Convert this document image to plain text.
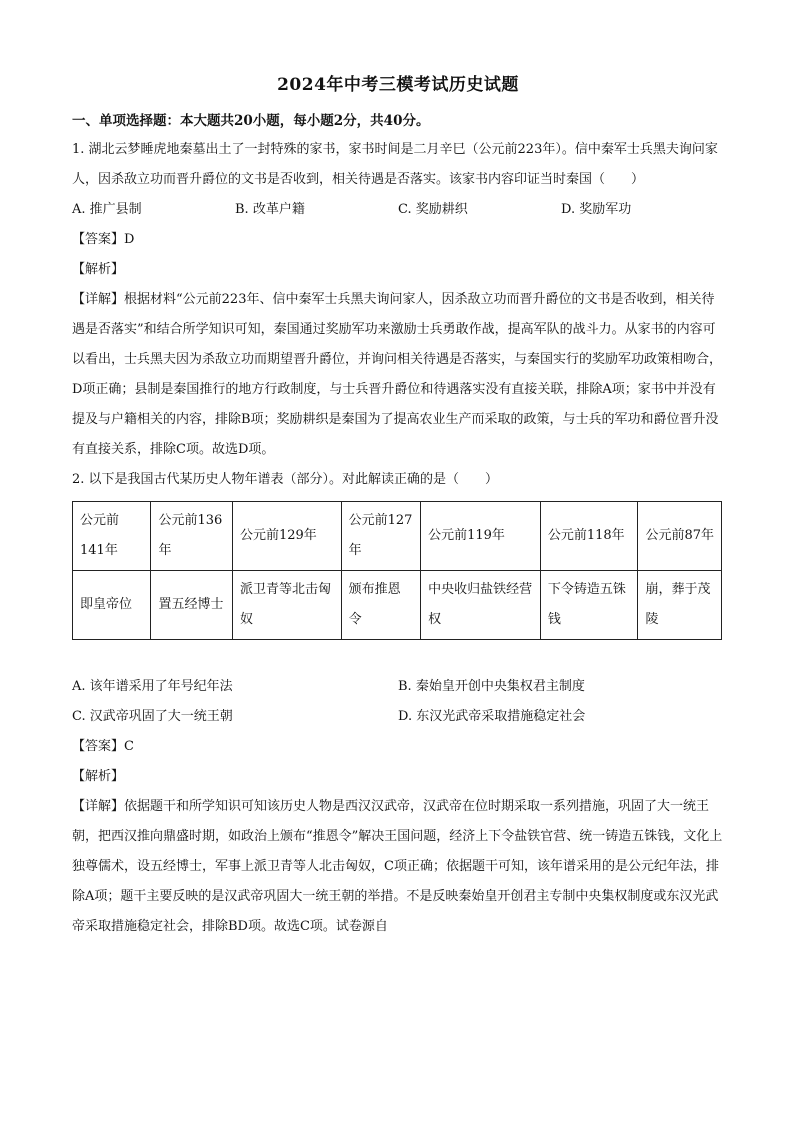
2024年中考三模考试历史试题
一、单项选择题：本大题共20小题，每小题2分，共40分。

1. 湖北云梦睡虎地秦墓出土了一封特殊的家书，家书时间是二月辛巳（公元前223年）。信中秦军士兵黑夫询问家人，因杀敌立功而晋升爵位的文书是否收到，相关待遇是否落实。该家书内容印证当时秦国（　　）

A. 推广县制	B. 改革户籍	C. 奖励耕织	D. 奖励军功

【答案】D

【解析】

【详解】根据材料“公元前223年、信中秦军士兵黑夫询问家人，因杀敌立功而晋升爵位的文书是否收到，相关待遇是否落实”和结合所学知识可知，秦国通过奖励军功来激励士兵勇敢作战，提高军队的战斗力。从家书的内容可以看出，士兵黑夫因为杀敌立功而期望晋升爵位，并询问相关待遇是否落实，与秦国实行的奖励军功政策相吻合，D项正确；县制是秦国推行的地方行政制度，与士兵晋升爵位和待遇落实没有直接关联，排除A项；家书中并没有提及与户籍相关的内容，排除B项；奖励耕织是秦国为了提高农业生产而采取的政策，与士兵的军功和爵位晋升没有直接关系，排除C项。故选D项。

2. 以下是我国古代某历史人物年谱表（部分）。对此解读正确的是（　　）

公元前141年	公元前136年	公元前129年	公元前127年	公元前119年	公元前118年	公元前87年
即皇帝位	置五经博士	派卫青等北击匈奴	颁布推恩令	中央收归盐铁经营权	下令铸造五铢钱	崩，葬于茂陵
A. 该年谱采用了年号纪年法	B. 秦始皇开创中央集权君主制度
C. 汉武帝巩固了大一统王朝	D. 东汉光武帝采取措施稳定社会

【答案】C

【解析】

【详解】依据题干和所学知识可知该历史人物是西汉汉武帝，汉武帝在位时期采取一系列措施，巩固了大一统王朝，把西汉推向鼎盛时期，如政治上颁布“推恩令”解决王国问题，经济上下令盐铁官营、统一铸造五铢钱，文化上独尊儒术，设五经博士，军事上派卫青等人北击匈奴，C项正确；依据题干可知，该年谱采用的是公元纪年法，排除A项；题干主要反映的是汉武帝巩固大一统王朝的举措。不是反映秦始皇开创君主专制中央集权制度或东汉光武帝采取措施稳定社会，排除BD项。故选C项。试卷源自
